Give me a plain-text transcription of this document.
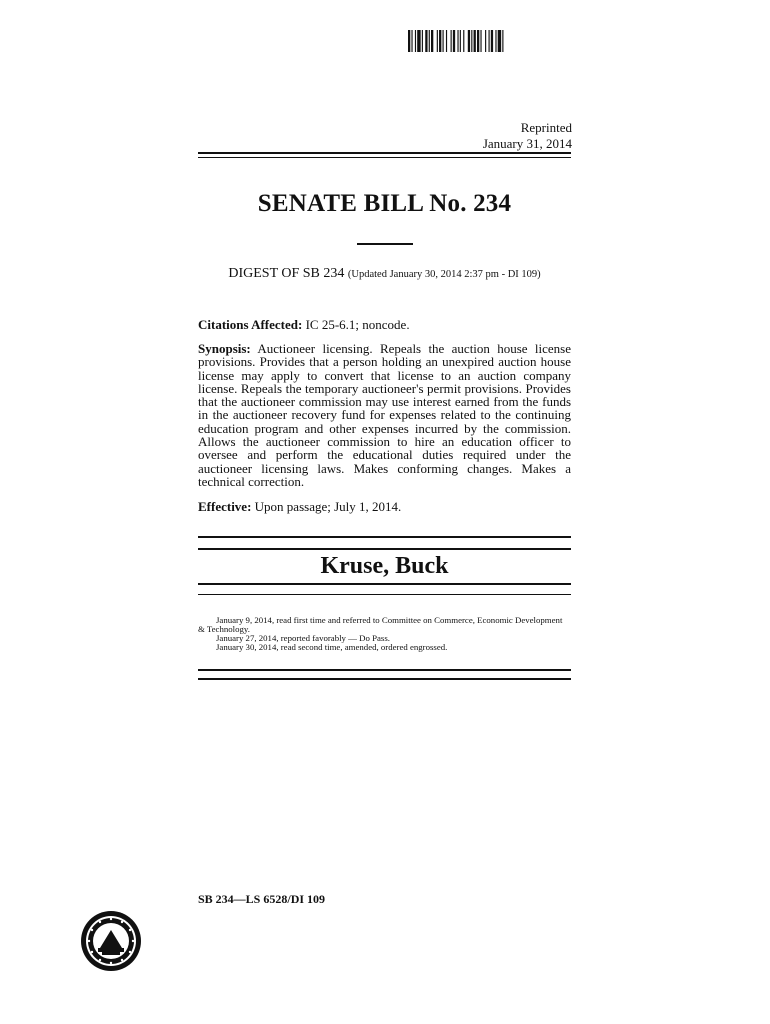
Reprinted
January 31, 2014
SENATE BILL No. 234
DIGEST OF SB 234 (Updated January 30, 2014 2:37 pm - DI 109)
Citations Affected: IC 25-6.1; noncode.
Synopsis: Auctioneer licensing. Repeals the auction house license provisions. Provides that a person holding an unexpired auction house license may apply to convert that license to an auction company license. Repeals the temporary auctioneer's permit provisions. Provides that the auctioneer commission may use interest earned from the funds in the auctioneer recovery fund for expenses related to the continuing education program and other expenses incurred by the commission. Allows the auctioneer commission to hire an education officer to oversee and perform the educational duties required under the auctioneer licensing laws. Makes conforming changes. Makes a technical correction.
Effective: Upon passage; July 1, 2014.
Kruse, Buck
January 9, 2014, read first time and referred to Committee on Commerce, Economic Development & Technology.
January 27, 2014, reported favorably — Do Pass.
January 30, 2014, read second time, amended, ordered engrossed.
SB 234—LS 6528/DI 109
